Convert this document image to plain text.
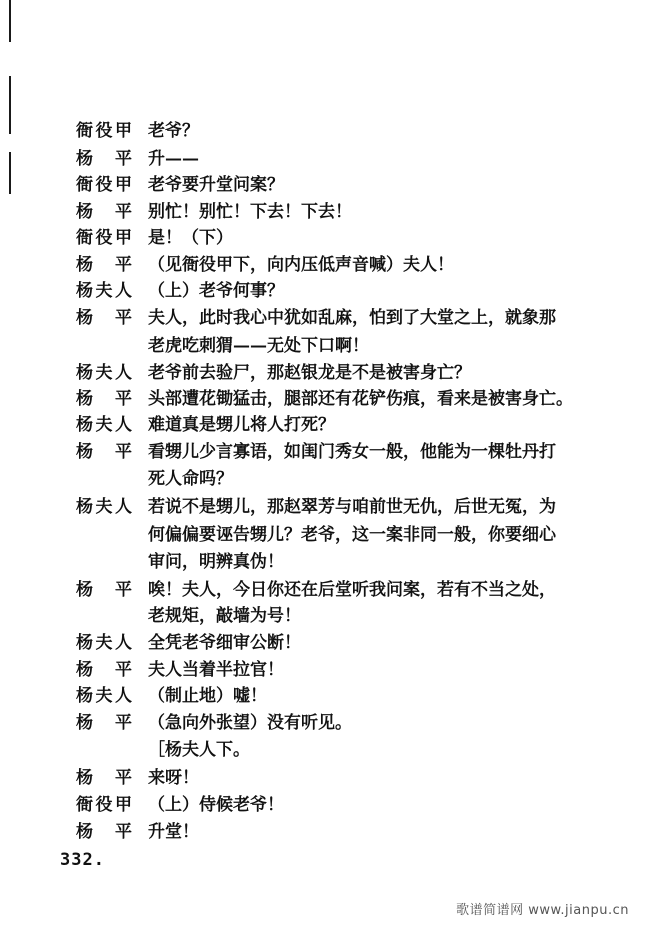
衙役甲 老爷？
杨 平 升——
衙役甲 老爷要升堂问案？
杨 平 别忙！别忙！下去！下去！
衙役甲 是！（下）
杨 平 （见衙役甲下，向内压低声音喊）夫人！
杨夫人 （上）老爷何事？
杨 平 夫人，此时我心中犹如乱麻，怕到了大堂之上，就象那
老虎吃刺猬——无处下口啊！
杨夫人 老爷前去验尸，那赵银龙是不是被害身亡？
杨 平 头部遭花锄猛击，腿部还有花铲伤痕，看来是被害身亡。
杨夫人 难道真是甥儿将人打死？
杨 平 看甥儿少言寡语，如闺门秀女一般，他能为一棵牡丹打
死人命吗？
杨夫人 若说不是甥儿，那赵翠芳与咱前世无仇，后世无冤，为
何偏偏要诬告甥儿？老爷，这一案非同一般，你要细心
审问，明辨真伪！
杨 平 唉！夫人，今日你还在后堂听我问案，若有不当之处，
老规矩，敲墙为号！
杨夫人 全凭老爷细审公断！
杨 平 夫人当着半拉官！
杨夫人 （制止地）嘘！
杨 平 （急向外张望）没有听见。
［杨夫人下。
杨 平 来呀！
衙役甲 （上）侍候老爷！
杨 平 升堂！
332.
歌谱简谱网 www.jianpu.cn
